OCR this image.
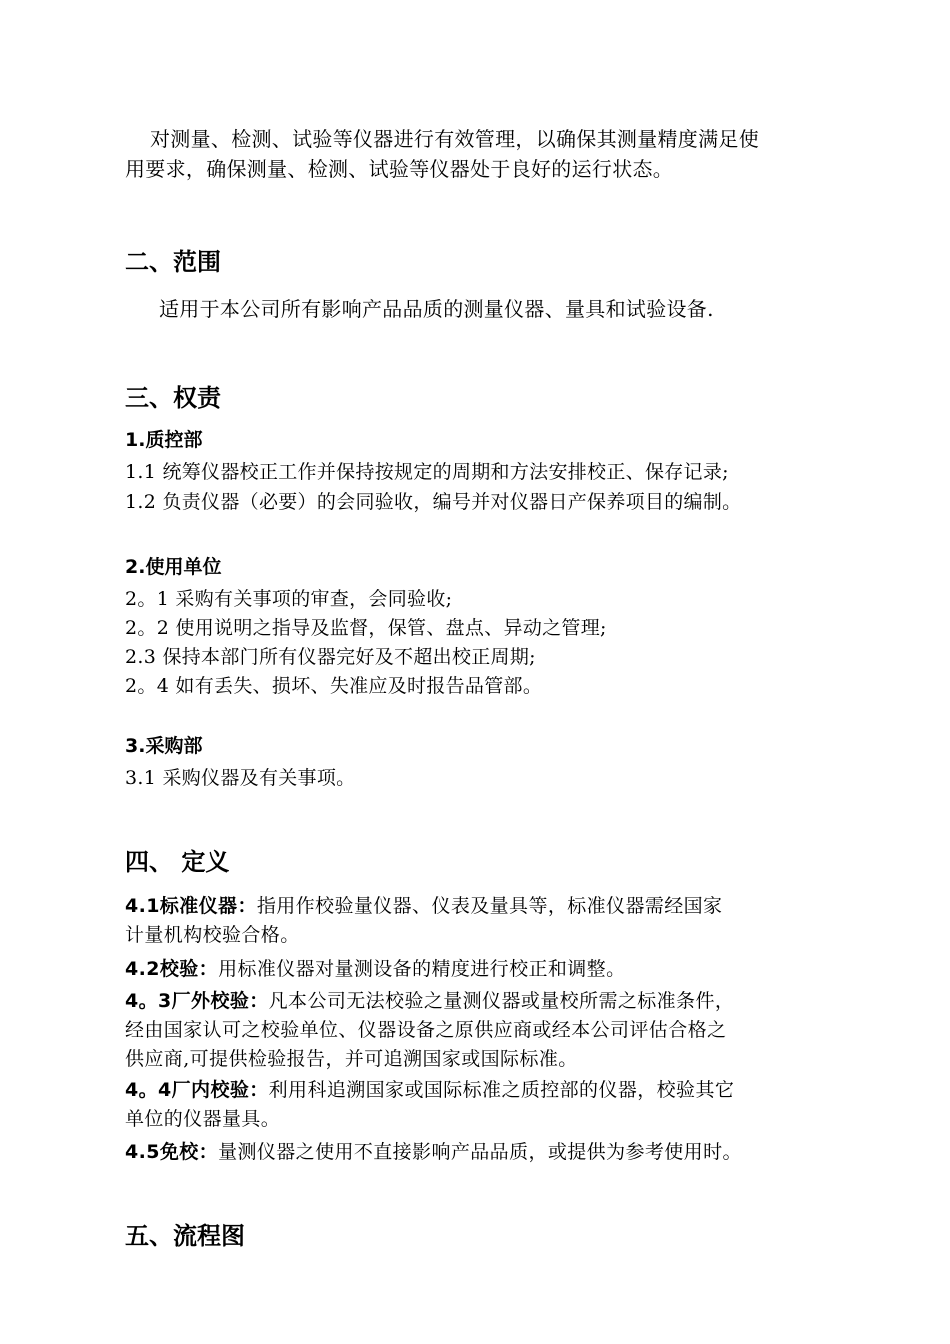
对测量、检测、试验等仪器进行有效管理，以确保其测量精度满足使
用要求，确保测量、检测、试验等仪器处于良好的运行状态。
二、范围
适用于本公司所有影响产品品质的测量仪器、量具和试验设备.
三、权责
1.质控部
1.1 统筹仪器校正工作并保持按规定的周期和方法安排校正、保存记录;
1.2 负责仪器（必要）的会同验收，编号并对仪器日产保养项目的编制。
2.使用单位
2。1 采购有关事项的审查，会同验收;
2。2 使用说明之指导及监督，保管、盘点、异动之管理;
2.3 保持本部门所有仪器完好及不超出校正周期;
2。4 如有丢失、损坏、失准应及时报告品管部。
3.采购部
3.1 采购仪器及有关事项。
四、 定义
4.1标准仪器：指用作校验量仪器、仪表及量具等，标准仪器需经国家
计量机构校验合格。
4.2校验：用标准仪器对量测设备的精度进行校正和调整。
4。3厂外校验：凡本公司无法校验之量测仪器或量校所需之标准条件，
经由国家认可之校验单位、仪器设备之原供应商或经本公司评估合格之
供应商,可提供检验报告，并可追溯国家或国际标准。
4。4厂内校验：利用科追溯国家或国际标准之质控部的仪器，校验其它
单位的仪器量具。
4.5免校：量测仪器之使用不直接影响产品品质，或提供为参考使用时。
五、流程图
